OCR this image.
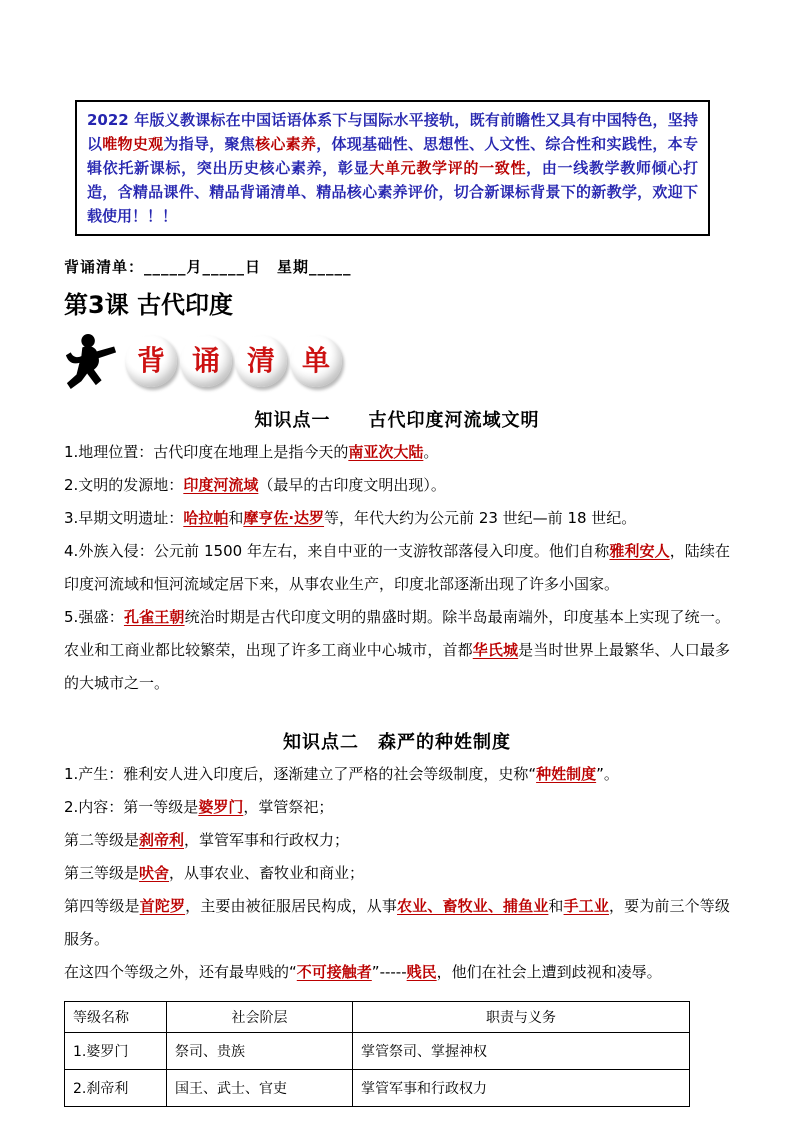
2022 年版义教课标在中国话语体系下与国际水平接轨，既有前瞻性又具有中国特色，坚持以唯物史观为指导，聚焦核心素养，体现基础性、思想性、人文性、综合性和实践性，本专辑依托新课标，突出历史核心素养，彰显大单元教学评的一致性，由一线教学教师倾心打造，含精品课件、精品背诵清单、精品核心素养评价，切合新课标背景下的新教学，欢迎下载使用！！！
背诵清单：_____月_____日　星期_____
第3课 古代印度
背 诵 清 单
知识点一　　古代印度河流域文明

1.地理位置：古代印度在地理上是指今天的南亚次大陆。

2.文明的发源地：印度河流域（最早的古印度文明出现）。

3.早期文明遗址：哈拉帕和摩亨佐·达罗等，年代大约为公元前 23 世纪—前 18 世纪。

4.外族入侵：公元前 1500 年左右，来自中亚的一支游牧部落侵入印度。他们自称雅利安人，陆续在印度河流域和恒河流域定居下来，从事农业生产，印度北部逐渐出现了许多小国家。

5.强盛：孔雀王朝统治时期是古代印度文明的鼎盛时期。除半岛最南端外，印度基本上实现了统一。农业和工商业都比较繁荣，出现了许多工商业中心城市，首都华氏城是当时世界上最繁华、人口最多的大城市之一。

知识点二　森严的种姓制度

1.产生：雅利安人进入印度后，逐渐建立了严格的社会等级制度，史称“种姓制度”。

2.内容：第一等级是婆罗门，掌管祭祀；

第二等级是刹帝利，掌管军事和行政权力；

第三等级是吠舍，从事农业、畜牧业和商业；

第四等级是首陀罗，主要由被征服居民构成，从事农业、畜牧业、捕鱼业和手工业，要为前三个等级服务。

在这四个等级之外，还有最卑贱的“不可接触者”-----贱民，他们在社会上遭到歧视和凌辱。

等级名称	社会阶层	职责与义务
1.婆罗门	祭司、贵族	掌管祭司、掌握神权
2.刹帝利	国王、武士、官吏	掌管军事和行政权力
